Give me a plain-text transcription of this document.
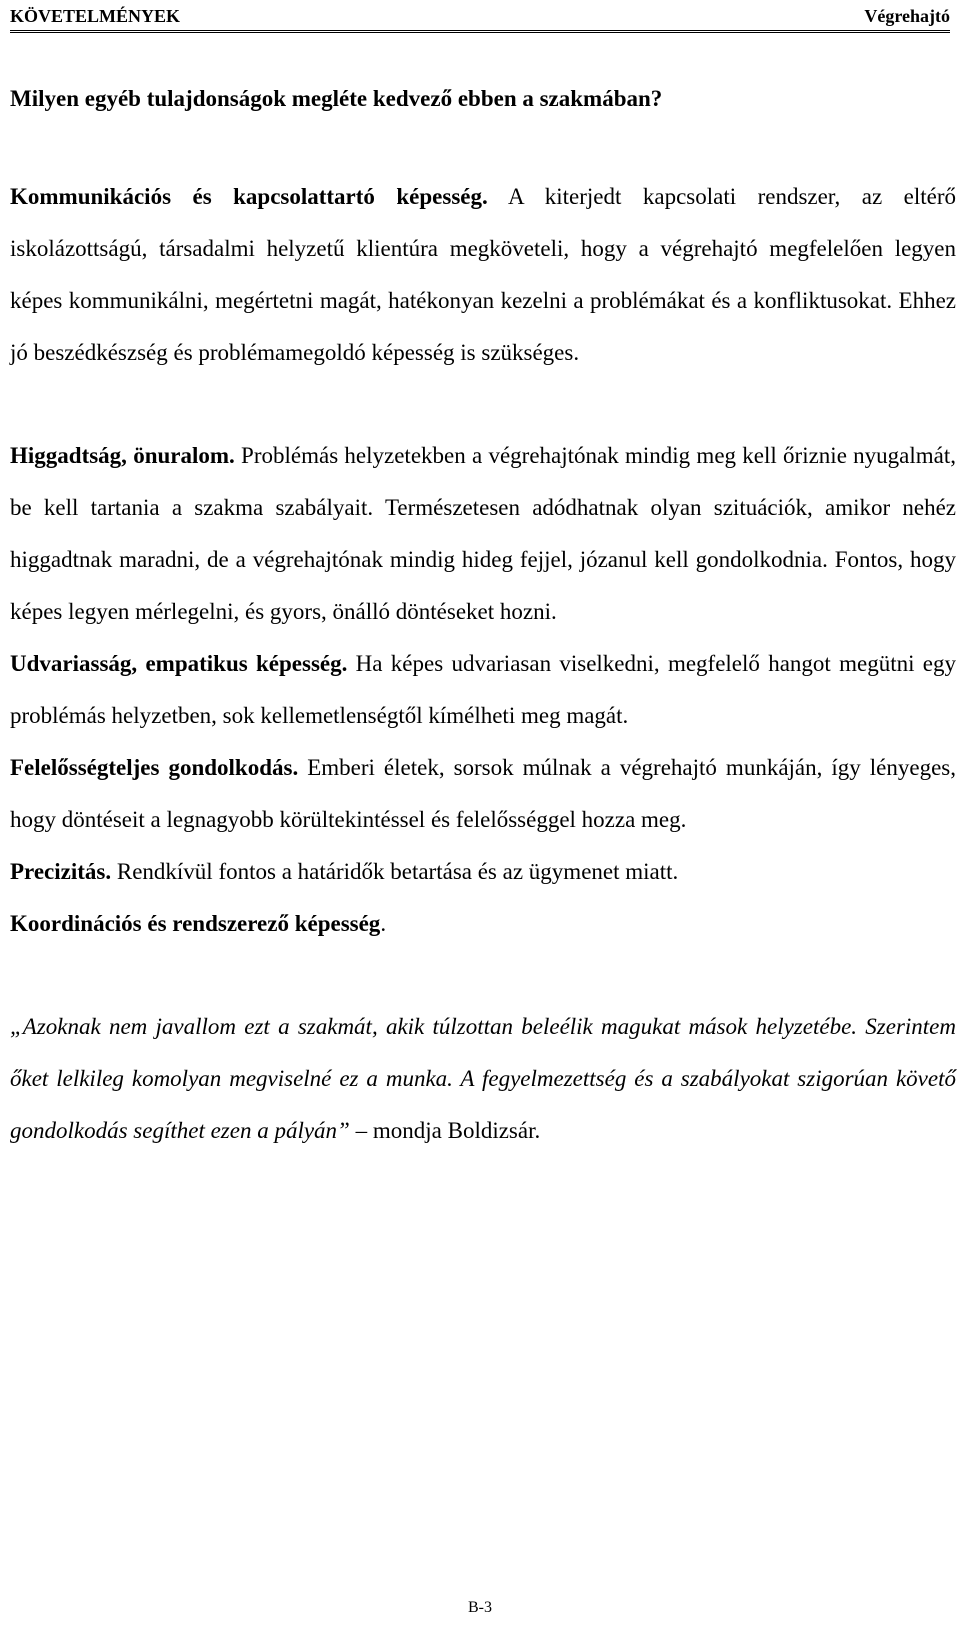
KÖVETELMÉNYEK	Végrehajtó
Milyen egyéb tulajdonságok megléte kedvező ebben a szakmában?

Kommunikációs és kapcsolattartó képesség. A kiterjedt kapcsolati rendszer, az eltérő iskolázottságú, társadalmi helyzetű klientúra megköveteli, hogy a végrehajtó megfelelően legyen képes kommunikálni, megértetni magát, hatékonyan kezelni a problémákat és a konfliktusokat. Ehhez jó beszédkészség és problémamegoldó képesség is szükséges.

Higgadtság, önuralom. Problémás helyzetekben a végrehajtónak mindig meg kell őriznie nyugalmát, be kell tartania a szakma szabályait. Természetesen adódhatnak olyan szituációk, amikor nehéz higgadtnak maradni, de a végrehajtónak mindig hideg fejjel, józanul kell gondolkodnia. Fontos, hogy képes legyen mérlegelni, és gyors, önálló döntéseket hozni.

Udvariasság, empatikus képesség. Ha képes udvariasan viselkedni, megfelelő hangot megütni egy problémás helyzetben, sok kellemetlenségtől kímélheti meg magát.

Felelősségteljes gondolkodás. Emberi életek, sorsok múlnak a végrehajtó munkáján, így lényeges, hogy döntéseit a legnagyobb körültekintéssel és felelősséggel hozza meg.

Precizitás. Rendkívül fontos a határidők betartása és az ügymenet miatt.

Koordinációs és rendszerező képesség.

„Azoknak nem javallom ezt a szakmát, akik túlzottan beleélik magukat mások helyzetébe. Szerintem őket lelkileg komolyan megviselné ez a munka. A fegyelmezettség és a szabályokat szigorúan követő gondolkodás segíthet ezen a pályán” – mondja Boldizsár.

B-3
